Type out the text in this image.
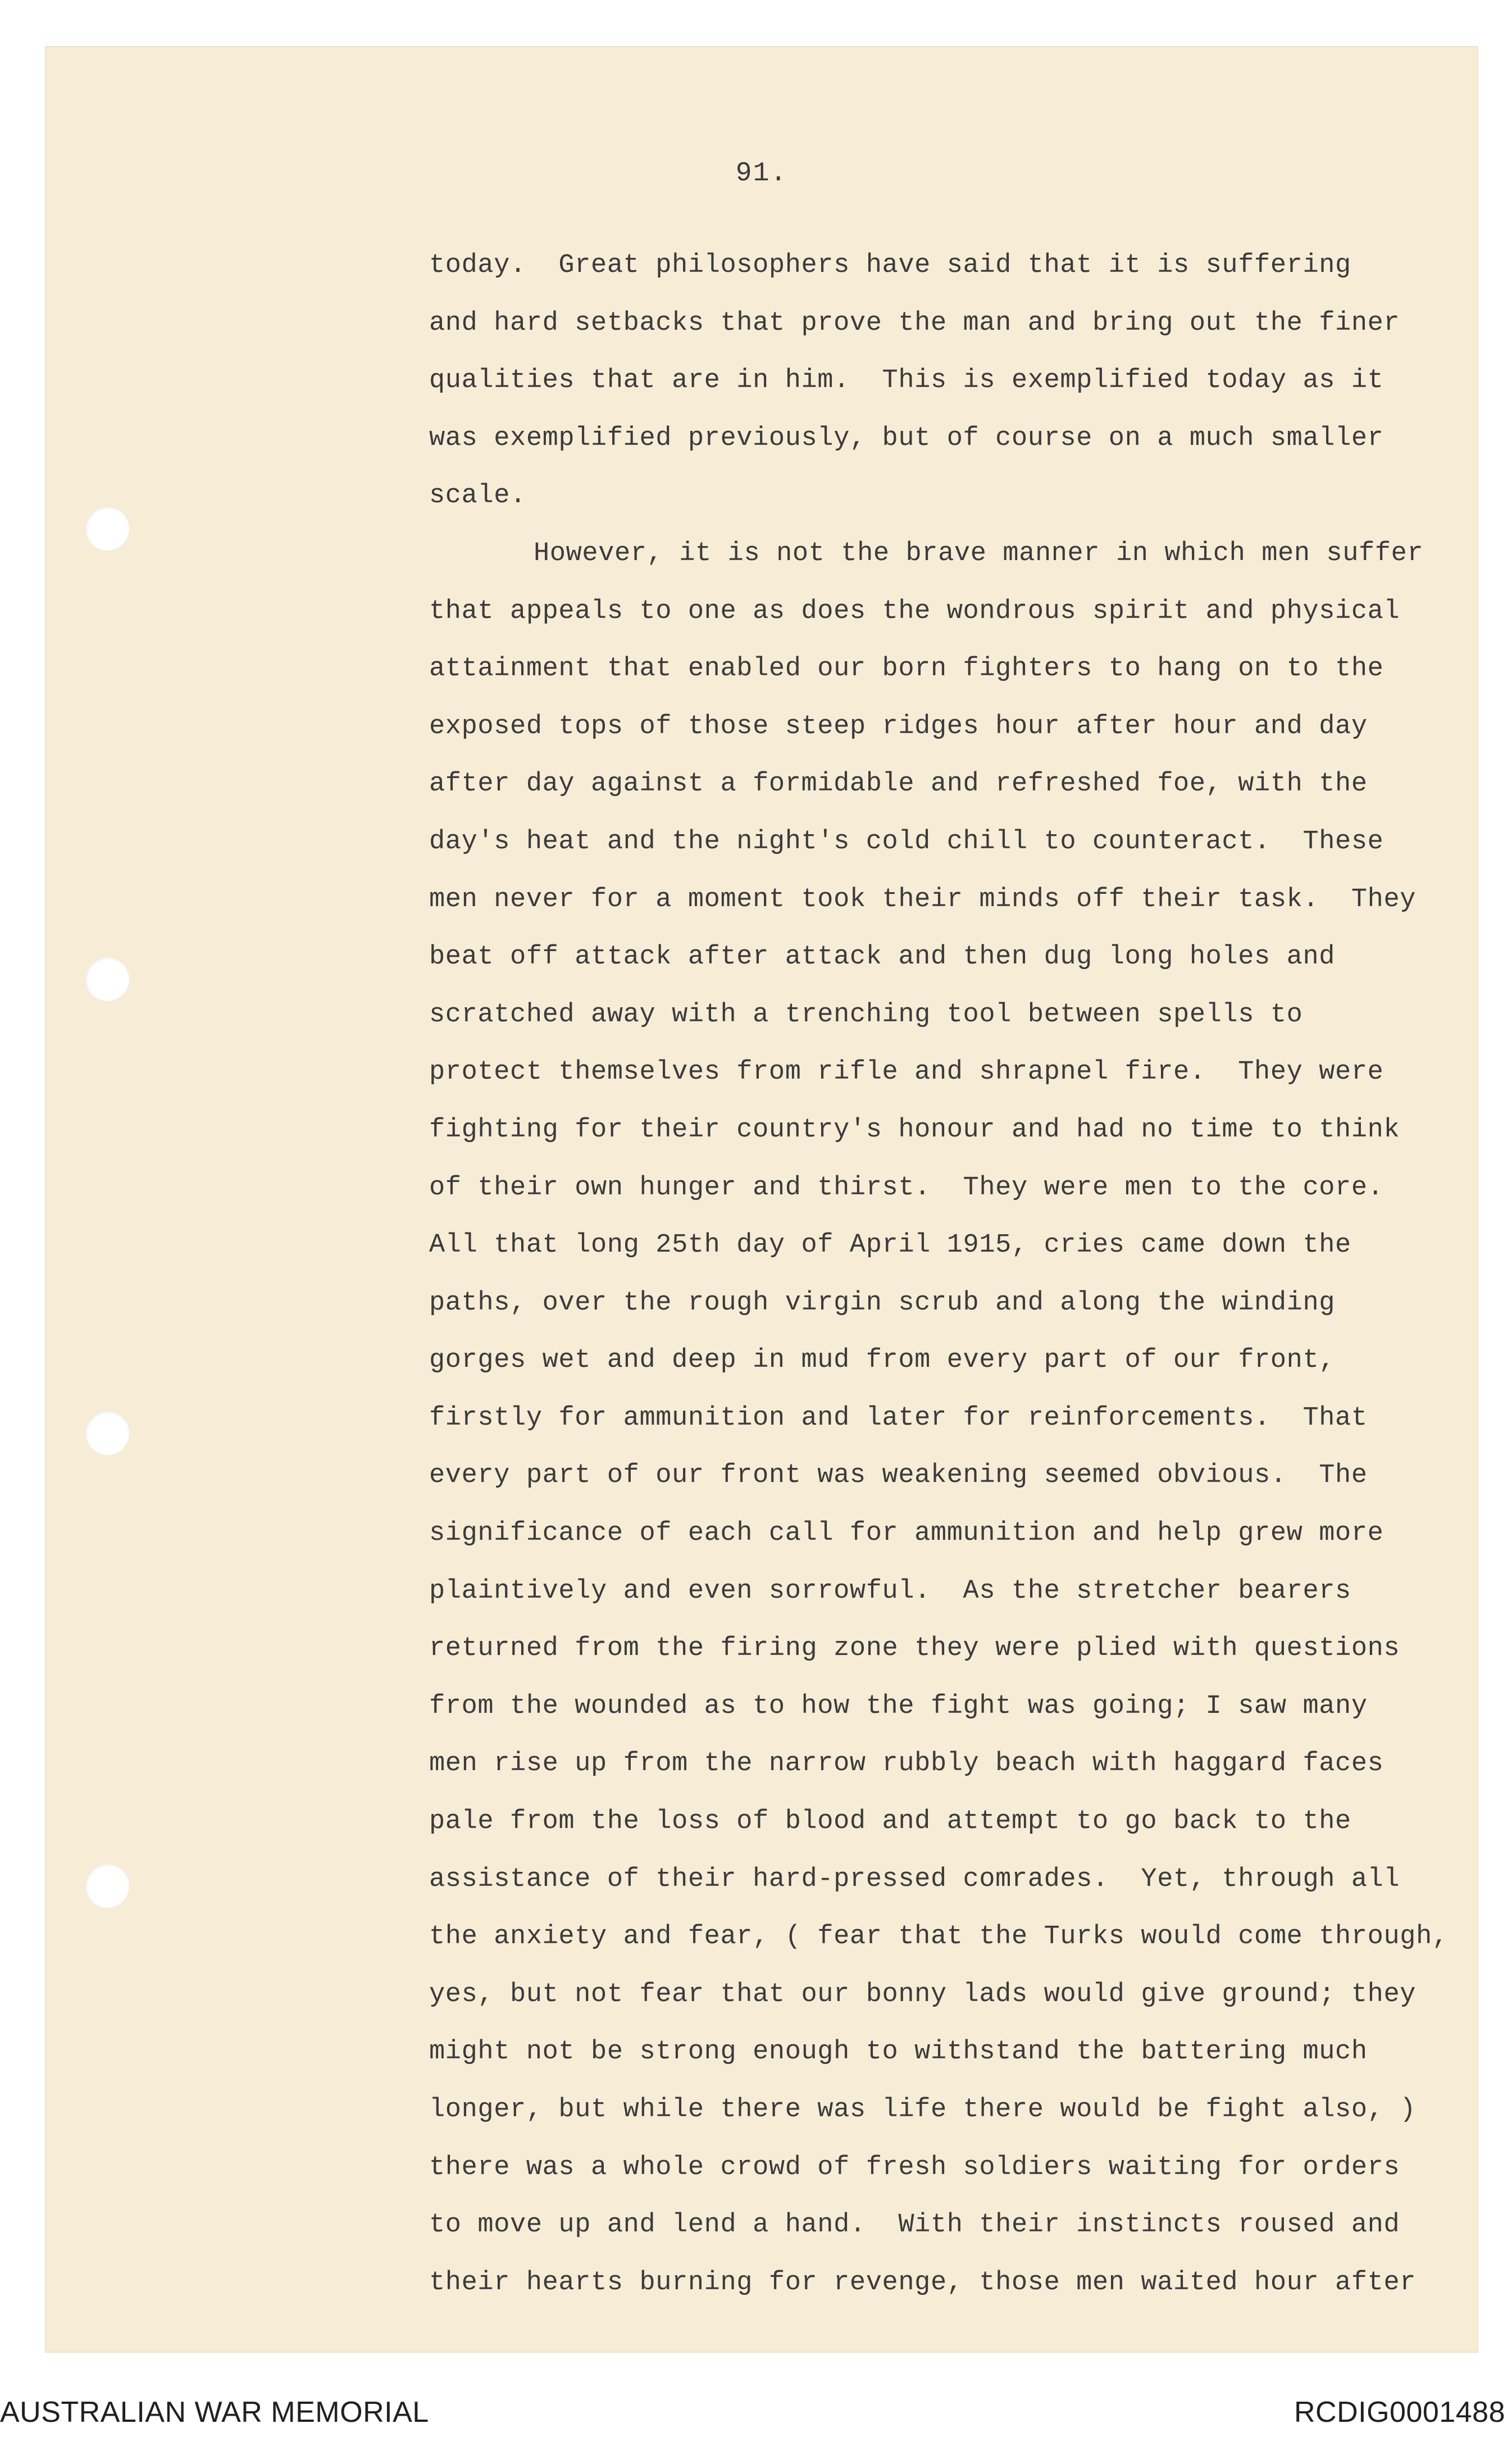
91.
today.  Great philosophers have said that it is suffering
and hard setbacks that prove the man and bring out the finer
qualities that are in him.  This is exemplified today as it
was exemplified previously, but of course on a much smaller
scale.
However, it is not the brave manner in which men suffer
that appeals to one as does the wondrous spirit and physical
attainment that enabled our born fighters to hang on to the
exposed tops of those steep ridges hour after hour and day
after day against a formidable and refreshed foe, with the
day's heat and the night's cold chill to counteract.  These
men never for a moment took their minds off their task.  They
beat off attack after attack and then dug long holes and
scratched away with a trenching tool between spells to
protect themselves from rifle and shrapnel fire.  They were
fighting for their country's honour and had no time to think
of their own hunger and thirst.  They were men to the core.
All that long 25th day of April 1915, cries came down the
paths, over the rough virgin scrub and along the winding
gorges wet and deep in mud from every part of our front,
firstly for ammunition and later for reinforcements.  That
every part of our front was weakening seemed obvious.  The
significance of each call for ammunition and help grew more
plaintively and even sorrowful.  As the stretcher bearers
returned from the firing zone they were plied with questions
from the wounded as to how the fight was going; I saw many
men rise up from the narrow rubbly beach with haggard faces
pale from the loss of blood and attempt to go back to the
assistance of their hard-pressed comrades.  Yet, through all
the anxiety and fear, ( fear that the Turks would come through,
yes, but not fear that our bonny lads would give ground; they
might not be strong enough to withstand the battering much
longer, but while there was life there would be fight also, )
there was a whole crowd of fresh soldiers waiting for orders
to move up and lend a hand.  With their instincts roused and
their hearts burning for revenge, those men waited hour after
AUSTRALIAN WAR MEMORIAL	RCDIG0001488
